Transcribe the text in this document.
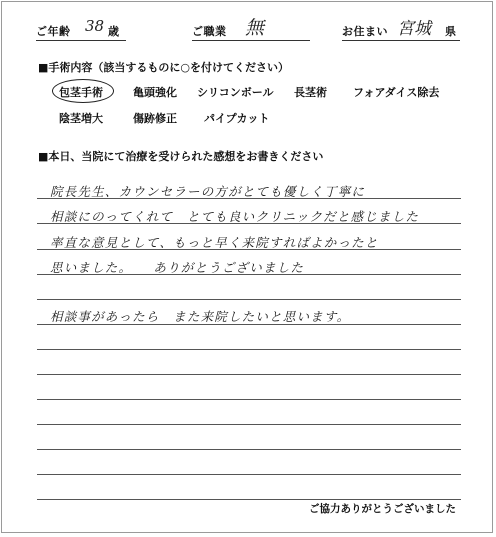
ご年齢 38 歳	ご職業 無	お住まい 宮城 県
■手術内容（該当するものに○を付けてください）
包茎手術	亀頭強化 シリコンボール 長茎術 フォアダイス除去
陰茎増大	傷跡修正 パイプカット
■本日、当院にて治療を受けられた感想をお書きください
院長先生、カウンセラーの方がとても優しく丁寧に
相談にのってくれて　とても良いクリニックだと感じました
率直な意見として、もっと早く来院すればよかったと
思いました。　　ありがとうございました
相談事があったら　また来院したいと思います。
ご協力ありがとうございました
